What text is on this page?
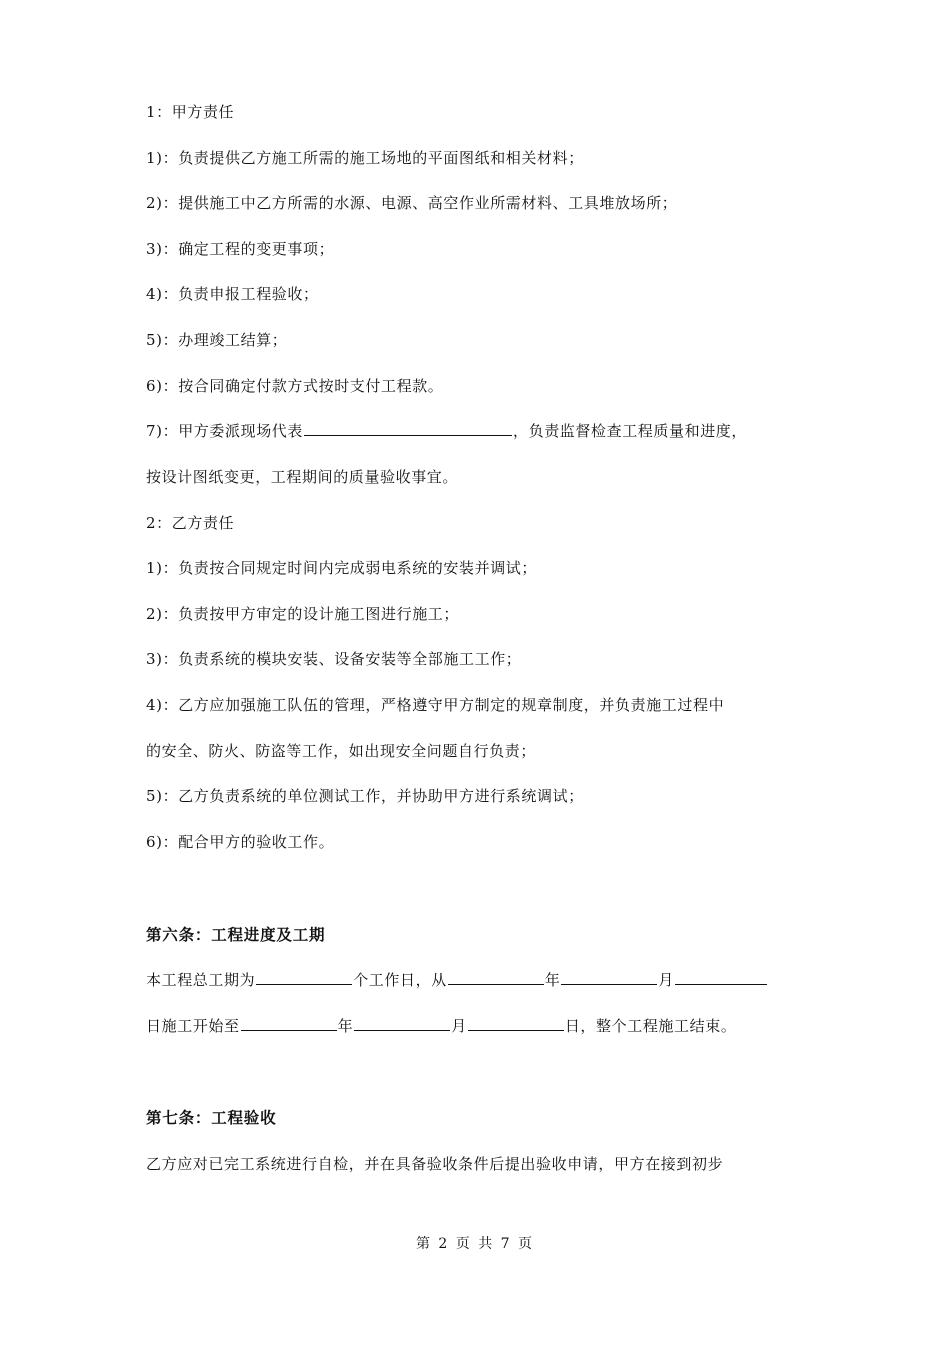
1：甲方责任
1)：负责提供乙方施工所需的施工场地的平面图纸和相关材料；
2)：提供施工中乙方所需的水源、电源、高空作业所需材料、工具堆放场所；
3)：确定工程的变更事项；
4)：负责申报工程验收；
5)：办理竣工结算；
6)：按合同确定付款方式按时支付工程款。
7)：甲方委派现场代表	，负责监督检查工程质量和进度，
按设计图纸变更，工程期间的质量验收事宜。
2：乙方责任
1)：负责按合同规定时间内完成弱电系统的安装并调试；
2)：负责按甲方审定的设计施工图进行施工；
3)：负责系统的模块安装、设备安装等全部施工工作；
4)：乙方应加强施工队伍的管理，严格遵守甲方制定的规章制度，并负责施工过程中
的安全、防火、防盗等工作，如出现安全问题自行负责；
5)：乙方负责系统的单位测试工作，并协助甲方进行系统调试；
6)：配合甲方的验收工作。
第六条：工程进度及工期
本工程总工期为	个工作日，从	年	月
日施工开始至	年	月	日，整个工程施工结束。
第七条：工程验收
乙方应对已完工系统进行自检，并在具备验收条件后提出验收申请，甲方在接到初步
第 2 页 共 7 页
